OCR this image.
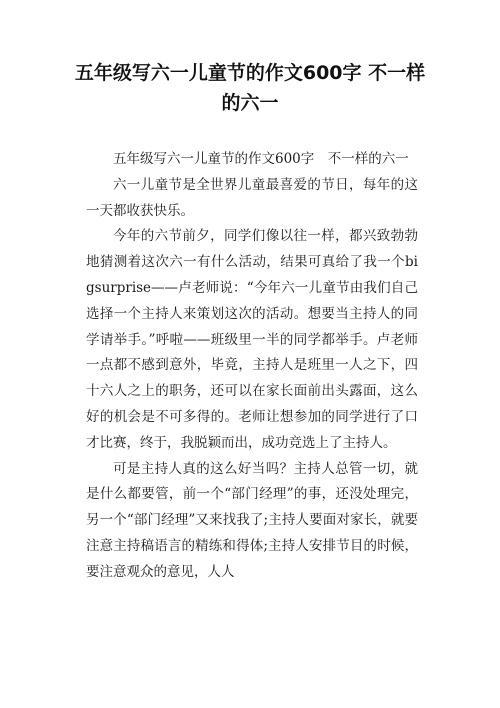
五年级写六一儿童节的作文600字 不一样的六一

五年级写六一儿童节的作文600字　不一样的六一

六一儿童节是全世界儿童最喜爱的节日，每年的这一天都收获快乐。

今年的六节前夕，同学们像以往一样，都兴致勃勃地猜测着这次六一有什么活动，结果可真给了我一个bigsurprise——卢老师说：“今年六一儿童节由我们自己选择一个主持人来策划这次的活动。想要当主持人的同学请举手。”呼啦——班级里一半的同学都举手。卢老师一点都不感到意外，毕竟，主持人是班里一人之下，四十六人之上的职务，还可以在家长面前出头露面，这么好的机会是不可多得的。老师让想参加的同学进行了口才比赛，终于，我脱颖而出，成功竞选上了主持人。

可是主持人真的这么好当吗？主持人总管一切，就是什么都要管，前一个“部门经理”的事，还没处理完，另一个“部门经理”又来找我了;主持人要面对家长，就要注意主持稿语言的精练和得体;主持人安排节目的时候，要注意观众的意见，人人
